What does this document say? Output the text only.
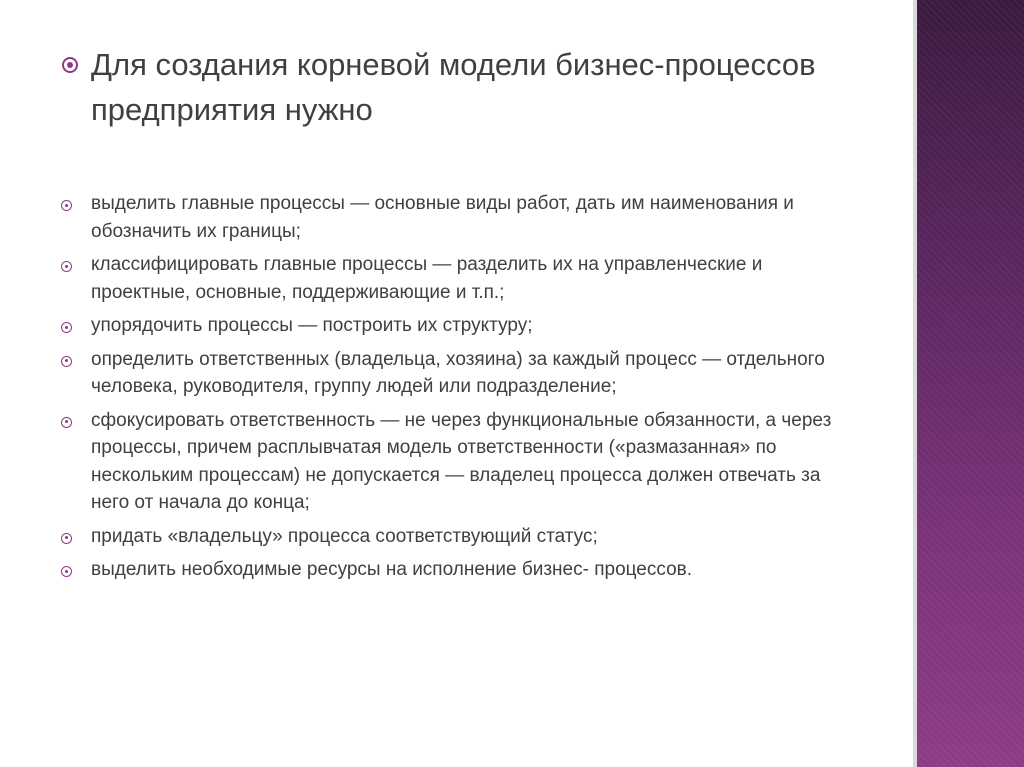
Для создания корневой модели бизнес-процессов предприятия нужно
выделить главные процессы — основные виды работ, дать им наименования и обозначить их границы;
классифицировать главные процессы — разделить их на управленческие и проектные, основные, поддерживающие и т.п.;
упорядочить процессы — построить их структуру;
определить ответственных (владельца, хозяина) за каждый процесс — отдельного человека, руководителя, группу людей или подразделение;
сфокусировать ответственность — не через функциональные обязанности, а через процессы, причем расплывчатая модель ответственности («размазанная» по нескольким процессам) не допускается — владелец процесса должен отвечать за него от начала до конца;
придать «владельцу» процесса соответствующий статус;
выделить необходимые ресурсы на исполнение бизнес- процессов.
